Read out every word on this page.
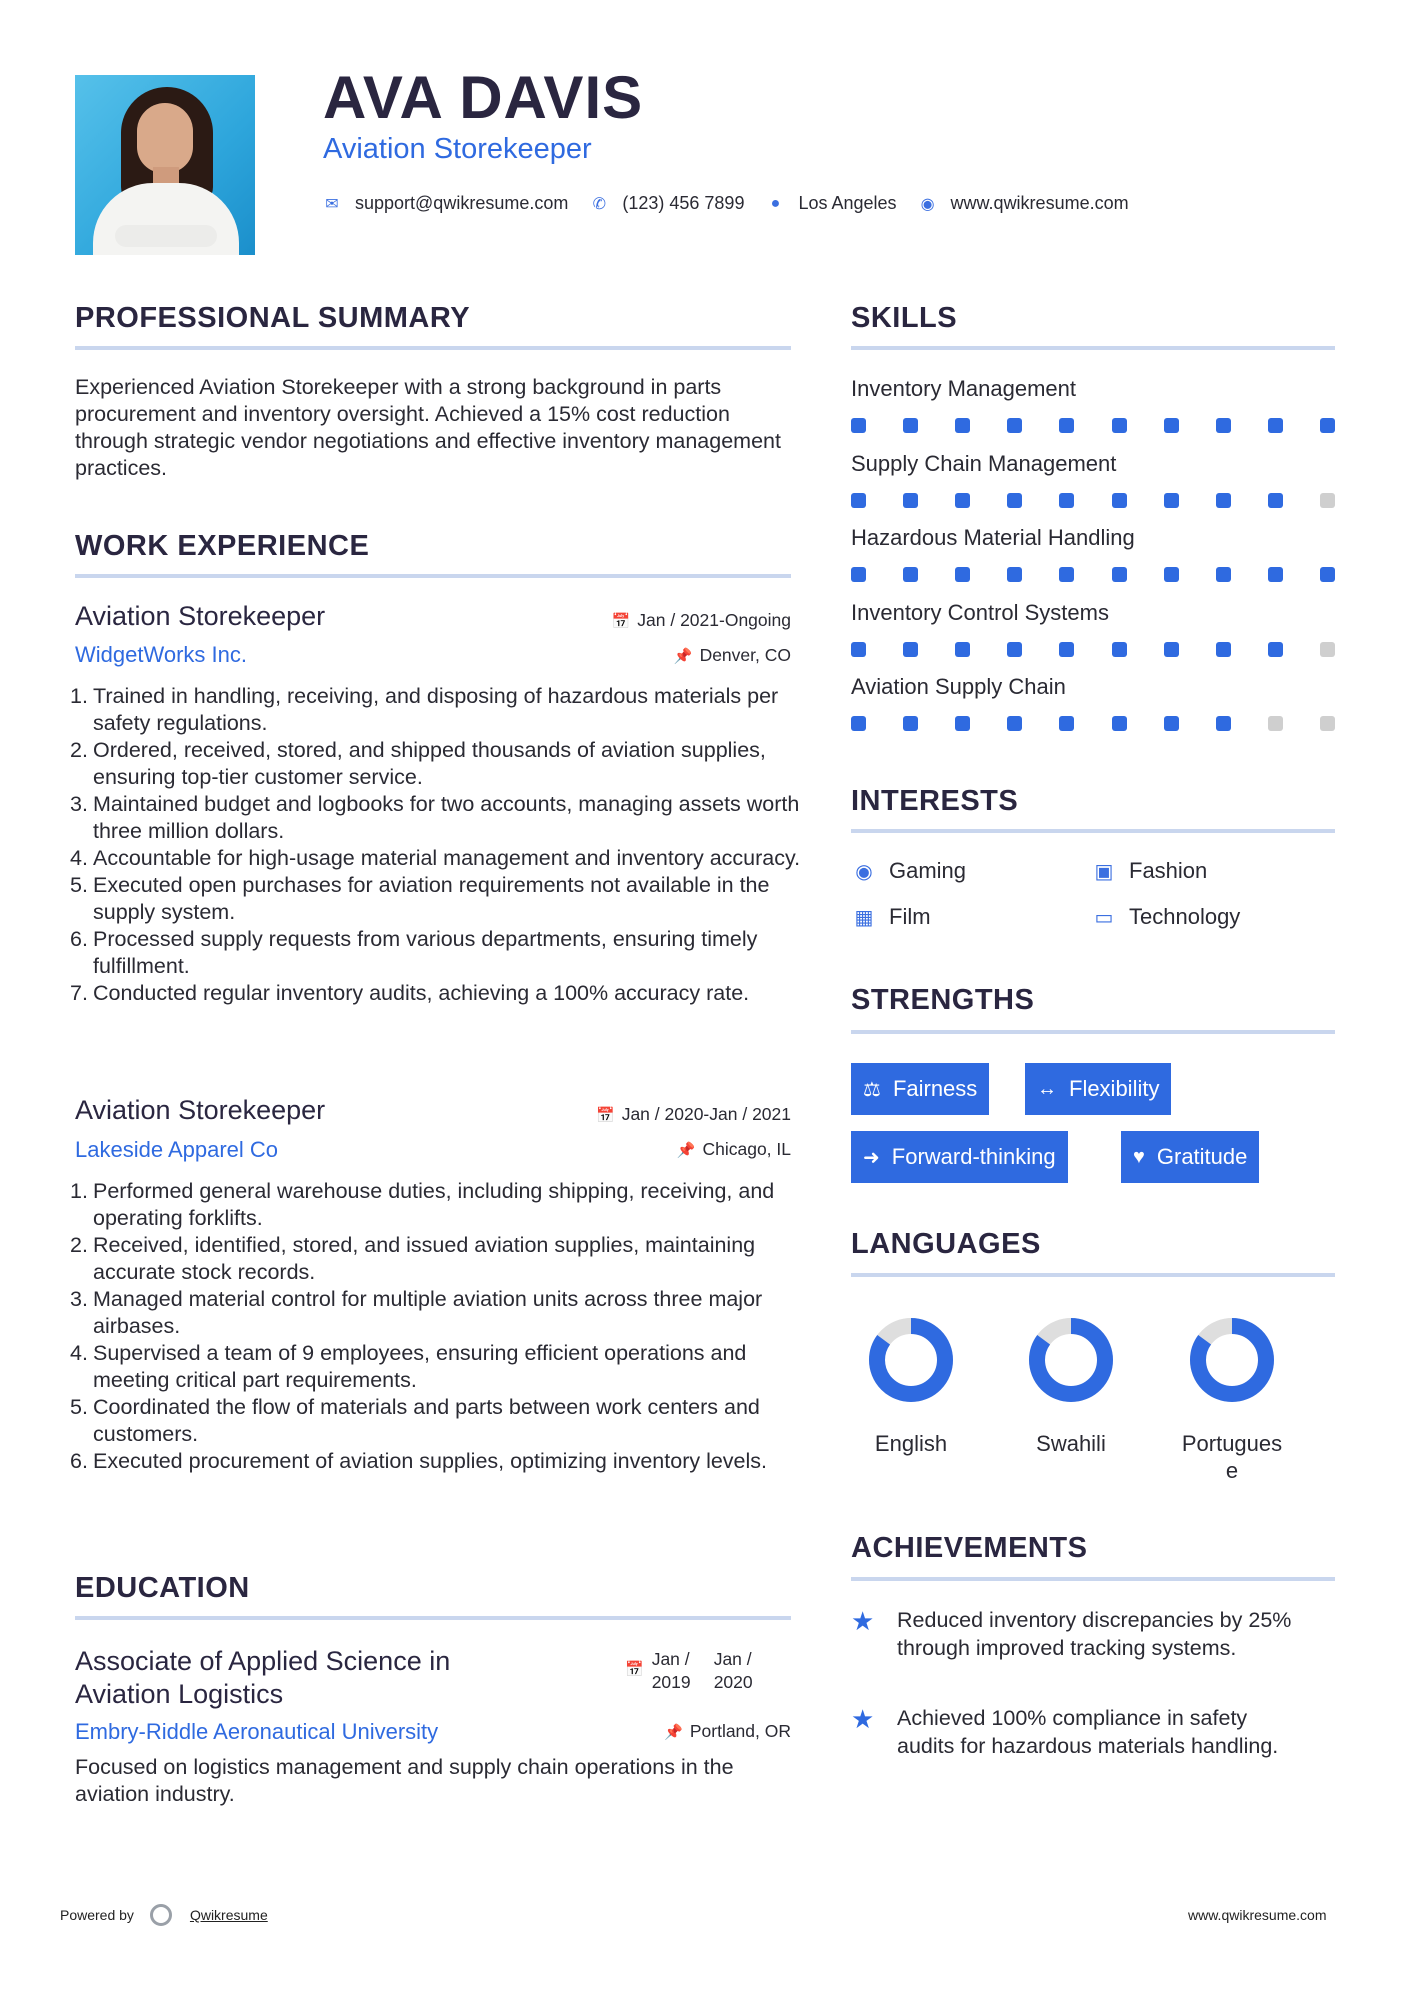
AVA DAVIS
Aviation Storekeeper
✉ support@qwikresume.com ✆ (123) 456 7899 ● Los Angeles ◉ www.qwikresume.com
PROFESSIONAL SUMMARY
Experienced Aviation Storekeeper with a strong background in parts procurement and inventory oversight. Achieved a 15% cost reduction through strategic vendor negotiations and effective inventory management practices.
WORK EXPERIENCE
Aviation Storekeeper	📅 Jan / 2021-Ongoing
WidgetWorks Inc.	📌 Denver, CO
1. Trained in handling, receiving, and disposing of hazardous materials per safety regulations.
2. Ordered, received, stored, and shipped thousands of aviation supplies, ensuring top-tier customer service.
3. Maintained budget and logbooks for two accounts, managing assets worth three million dollars.
4. Accountable for high-usage material management and inventory accuracy.
5. Executed open purchases for aviation requirements not available in the supply system.
6. Processed supply requests from various departments, ensuring timely fulfillment.
7. Conducted regular inventory audits, achieving a 100% accuracy rate.
Aviation Storekeeper	📅 Jan / 2020-Jan / 2021
Lakeside Apparel Co	📌 Chicago, IL
1. Performed general warehouse duties, including shipping, receiving, and operating forklifts.
2. Received, identified, stored, and issued aviation supplies, maintaining accurate stock records.
3. Managed material control for multiple aviation units across three major airbases.
4. Supervised a team of 9 employees, ensuring efficient operations and meeting critical part requirements.
5. Coordinated the flow of materials and parts between work centers and customers.
6. Executed procurement of aviation supplies, optimizing inventory levels.
EDUCATION
Associate of Applied Science in Aviation Logistics
📅
Jan / 2019
Jan / 2020
Embry-Riddle Aeronautical University	📌 Portland, OR
Focused on logistics management and supply chain operations in the aviation industry.
SKILLS
Inventory Management
Supply Chain Management
Hazardous Material Handling
Inventory Control Systems
Aviation Supply Chain
INTERESTS
◉ Gaming	▣ Fashion
▦ Film	▭ Technology
STRENGTHS
⚖ Fairness	↔ Flexibility
➜ Forward-thinking	♥ Gratitude
LANGUAGES
English	Swahili	Portugues
e
ACHIEVEMENTS
★	Reduced inventory discrepancies by 25% through improved tracking systems.
★	Achieved 100% compliance in safety audits for hazardous materials handling.
Powered by	Qwikresume	www.qwikresume.com
